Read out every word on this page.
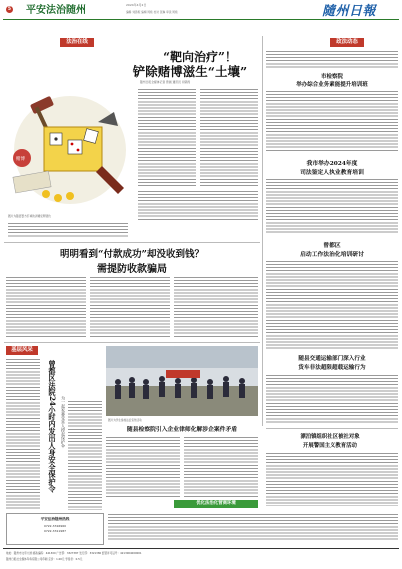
5 平安法治随州	2024年4月2日
编辑 刘思妮 编辑 周艳 校对 张琳 审读 周艳	隨州日報
法治在线
“靶向治疗”！
铲除赌博滋生“土壤”
随州日报全媒体记者 曾晨 通讯员 何锦涛
赌博
图片为随县警方打掉的涉赌犯罪团伙
明明看到“付款成功”却没收到钱？
需提防收款骗局
政法动态
市检察院
举办综合业务素能提升培训班
我市举办2024年度
司法鉴定人执业教育培训
曾都区
启动工作法治化培训研讨
随县交通运输部门深入行业
货车非法超限超载运输行为
漂泊镇组织社区被社对象
开展警国主义教育活动
基层风采
曾都区法院24小时内发出人身安全保护令	为一起家暴受害人撑起保护伞	图片为学生参加法治宣传活动
随县检察院引入企业律师化解涉企案件矛盾
优化法治化营商环境
平安法治随州热线
0722-3316960
0722-3311987
地址：随州市文帝大道 邮政编码：441300 广告部：3327387 发行部：3321380 经营许可证号：4213004000001
随州日报社全媒体印务有限公司印刷 定价：1.00元 零售价：0.5元
